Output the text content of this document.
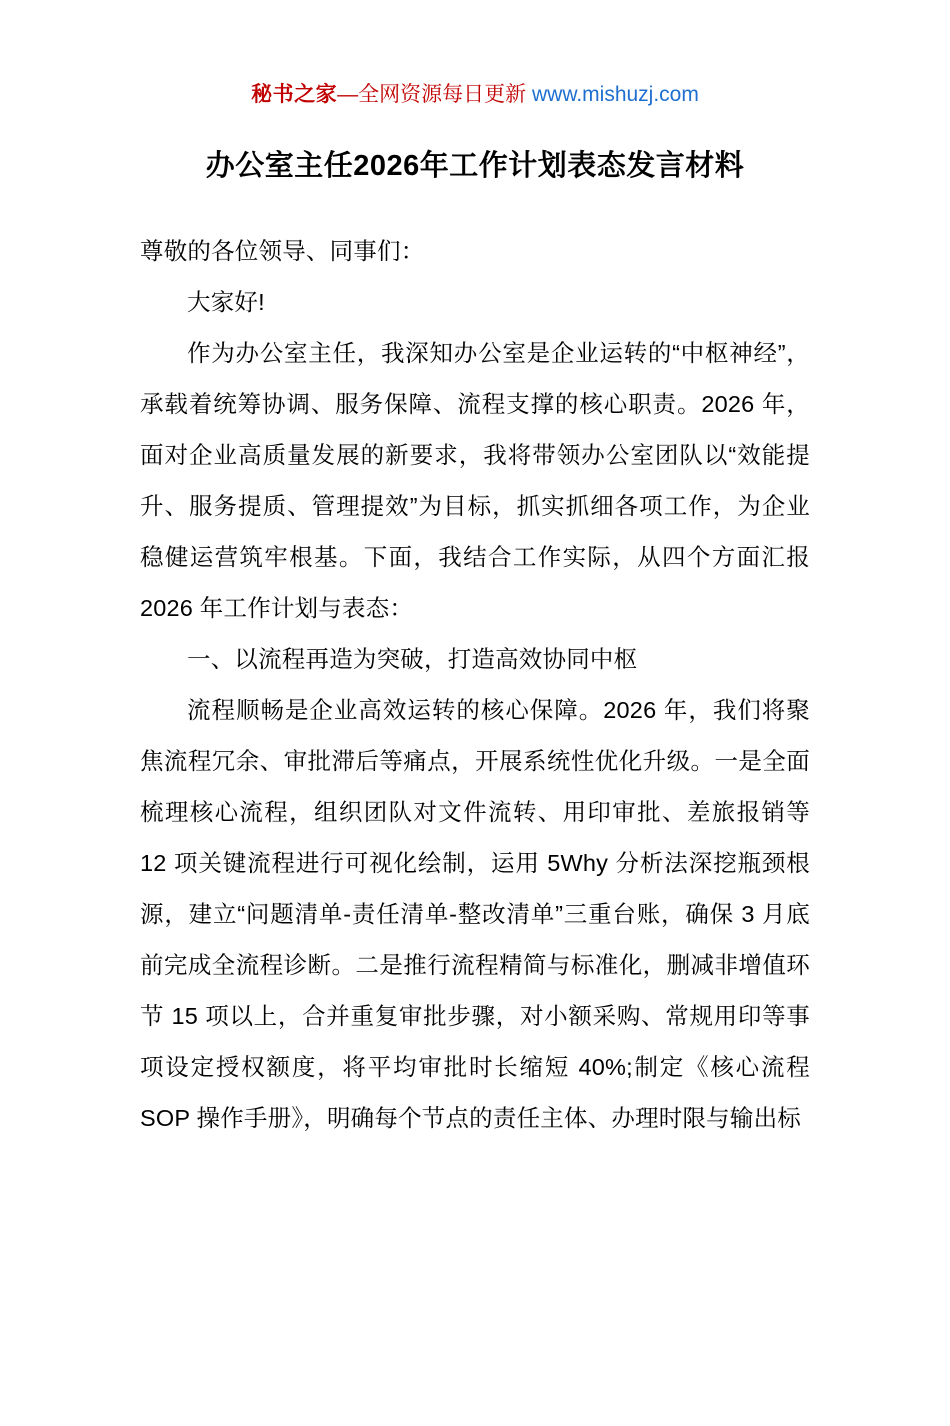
秘书之家—全网资源每日更新 www.mishuzj.com
办公室主任2026年工作计划表态发言材料

尊敬的各位领导、同事们：

大家好!

作为办公室主任，我深知办公室是企业运转的“中枢神经”，承载着统筹协调、服务保障、流程支撑的核心职责。2026 年，面对企业高质量发展的新要求，我将带领办公室团队以“效能提升、服务提质、管理提效”为目标，抓实抓细各项工作，为企业稳健运营筑牢根基。下面，我结合工作实际，从四个方面汇报 2026 年工作计划与表态：

一、以流程再造为突破，打造高效协同中枢

流程顺畅是企业高效运转的核心保障。2026 年，我们将聚焦流程冗余、审批滞后等痛点，开展系统性优化升级。一是全面梳理核心流程，组织团队对文件流转、用印审批、差旅报销等 12 项关键流程进行可视化绘制，运用 5Why 分析法深挖瓶颈根源，建立“问题清单-责任清单-整改清单”三重台账，确保 3 月底前完成全流程诊断。二是推行流程精简与标准化，删减非增值环节 15 项以上，合并重复审批步骤，对小额采购、常规用印等事项设定授权额度，将平均审批时长缩短 40%;制定《核心流程 SOP 操作手册》，明确每个节点的责任主体、办理时限与输出标
